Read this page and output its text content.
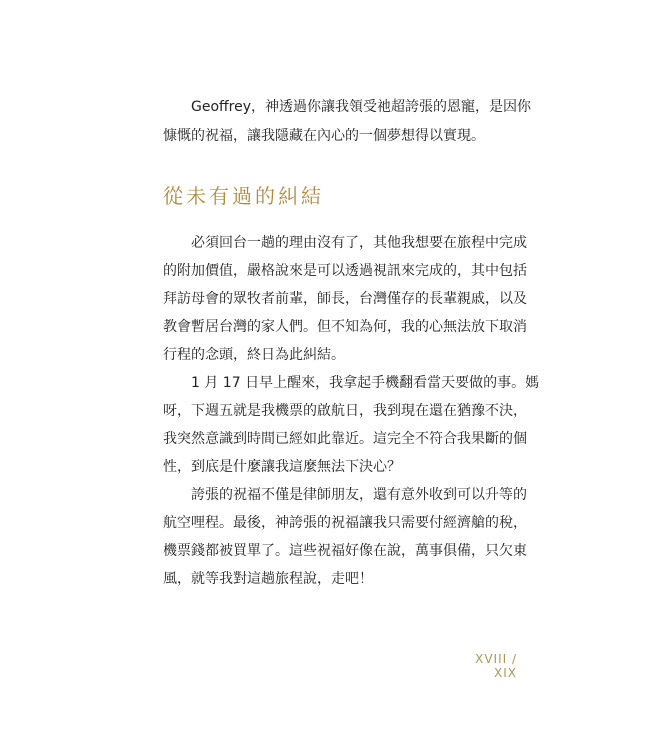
Geoffrey，神透過你讓我領受祂超誇張的恩寵，是因你
慷慨的祝福，讓我隱藏在內心的一個夢想得以實現。
從未有過的糾結
必須回台一趟的理由沒有了，其他我想要在旅程中完成
的附加價值，嚴格說來是可以透過視訊來完成的，其中包括
拜訪母會的眾牧者前輩，師長，台灣僅存的長輩親戚，以及
教會暫居台灣的家人們。但不知為何，我的心無法放下取消
行程的念頭，終日為此糾結。
1 月 17 日早上醒來，我拿起手機翻看當天要做的事。媽
呀，下週五就是我機票的啟航日，我到現在還在猶豫不決，
我突然意識到時間已經如此靠近。這完全不符合我果斷的個
性，到底是什麼讓我這麼無法下決心？
誇張的祝福不僅是律師朋友，還有意外收到可以升等的
航空哩程。最後，神誇張的祝福讓我只需要付經濟艙的稅，
機票錢都被買單了。這些祝福好像在說，萬事俱備，只欠東
風，就等我對這趟旅程說，走吧！
XVIII / XIX
